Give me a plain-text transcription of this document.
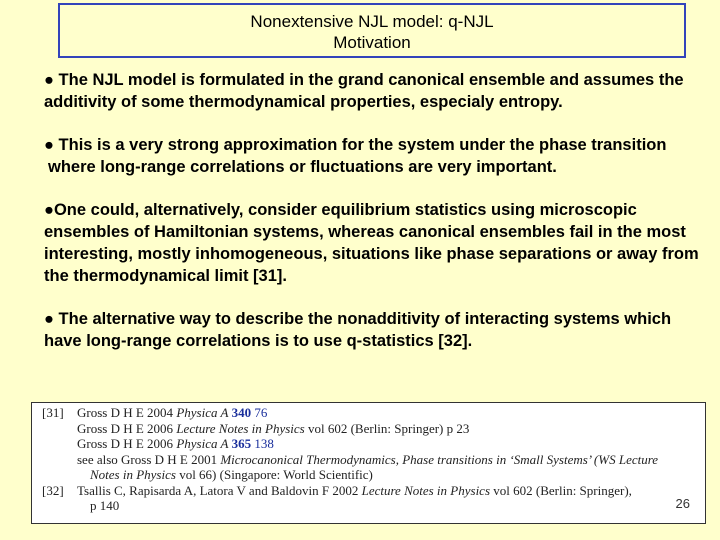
Nonextensive NJL model: q-NJL
Motivation

● The NJL model is formulated in the grand canonical ensemble and assumes the additivity of some thermodynamical properties, especialy entropy.

● This is a very strong approximation for the system under the phase transition where long-range correlations or fluctuations are very important.

●One could, alternatively, consider equilibrium statistics using microscopic ensembles of Hamiltonian systems, whereas canonical ensembles fail in the most interesting, mostly inhomogeneous, situations like phase separations or away from the thermodynamical limit [31].

● The alternative way to describe the nonadditivity of interacting systems which have long-range correlations is to use q-statistics [32].

[31] Gross D H E 2004 Physica A 340 76
Gross D H E 2006 Lecture Notes in Physics vol 602 (Berlin: Springer) p 23
Gross D H E 2006 Physica A 365 138
see also Gross D H E 2001 Microcanonical Thermodynamics, Phase transitions in ‘Small Systems’ (WS Lecture
Notes in Physics vol 66) (Singapore: World Scientific)
[32] Tsallis C, Rapisarda A, Latora V and Baldovin F 2002 Lecture Notes in Physics vol 602 (Berlin: Springer),
p 140	26
